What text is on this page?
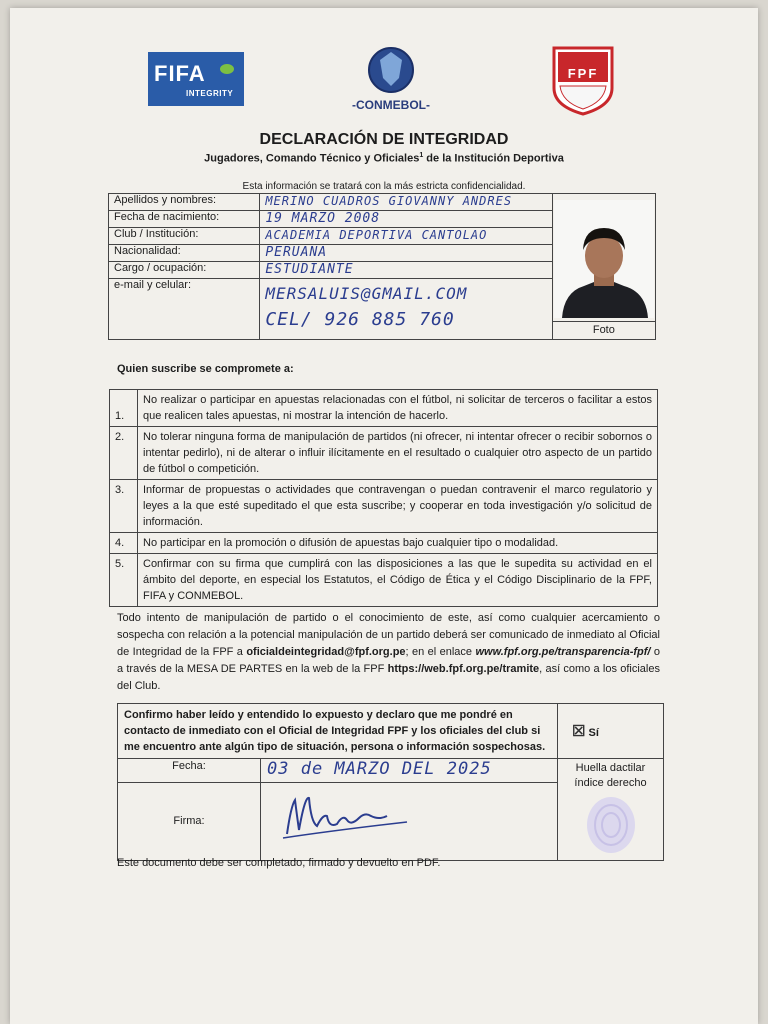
FIFA
INTEGRITY
-CONMEBOL-
FPF
DECLARACIÓN DE INTEGRIDAD
Jugadores, Comando Técnico y Oficiales$^1$ de la Institución Deportiva
Esta información se tratará con la más estricta confidencialidad.
Apellidos y nombres:	MERINO CUADROS GIOVANNY ANDRES	Foto

Fecha de nacimiento:	19 MARZO 2008	
Club / Institución:	ACADEMIA DEPORTIVA CANTOLAO	
Nacionalidad:	PERUANA	
Cargo / ocupación:	ESTUDIANTE	
e-mail y celular:	MERSALUIS@GMAIL.COM
CEL/ 926 885 760	
Quien suscribe se compromete a:
1.	No realizar o participar en apuestas relacionadas con el fútbol, ni solicitar de terceros o facilitar a estos que realicen tales apuestas, ni mostrar la intención de hacerlo.
2.	No tolerar ninguna forma de manipulación de partidos (ni ofrecer, ni intentar ofrecer o recibir sobornos o intentar pedirlo), ni de alterar o influir ilícitamente en el resultado o cualquier otro aspecto de un partido de fútbol o competición.
3.	Informar de propuestas o actividades que contravengan o puedan contravenir el marco regulatorio y leyes a la que esté supeditado el que esta suscribe; y cooperar en toda investigación y/o solicitud de información.
4.	No participar en la promoción o difusión de apuestas bajo cualquier tipo o modalidad.
5.	Confirmar con su firma que cumplirá con las disposiciones a las que le supedita su actividad en el ámbito del deporte, en especial los Estatutos, el Código de Ética y el Código Disciplinario de la FPF, FIFA y CONMEBOL.
Todo intento de manipulación de partido o el conocimiento de este, así como cualquier acercamiento o sospecha con relación a la potencial manipulación de un partido deberá ser comunicado de inmediato al Oficial de Integridad de la FPF a oficialdeintegridad@fpf.org.pe; en el enlace www.fpf.org.pe/transparencia-fpf/ o a través de la MESA DE PARTES en la web de la FPF https://web.fpf.org.pe/tramite, así como a los oficiales del Club.
Confirmo haber leído y entendido lo expuesto y declaro que me pondré en contacto de inmediato con el Oficial de Integridad FPF y los oficiales del club si me encuentro ante algún tipo de situación, persona o información sospechosas.		☒ Sí
Fecha:	03 de MARZO DEL 2025	Huella dactilar índice derecho

Firma:	
Este documento debe ser completado, firmado y devuelto en PDF.
